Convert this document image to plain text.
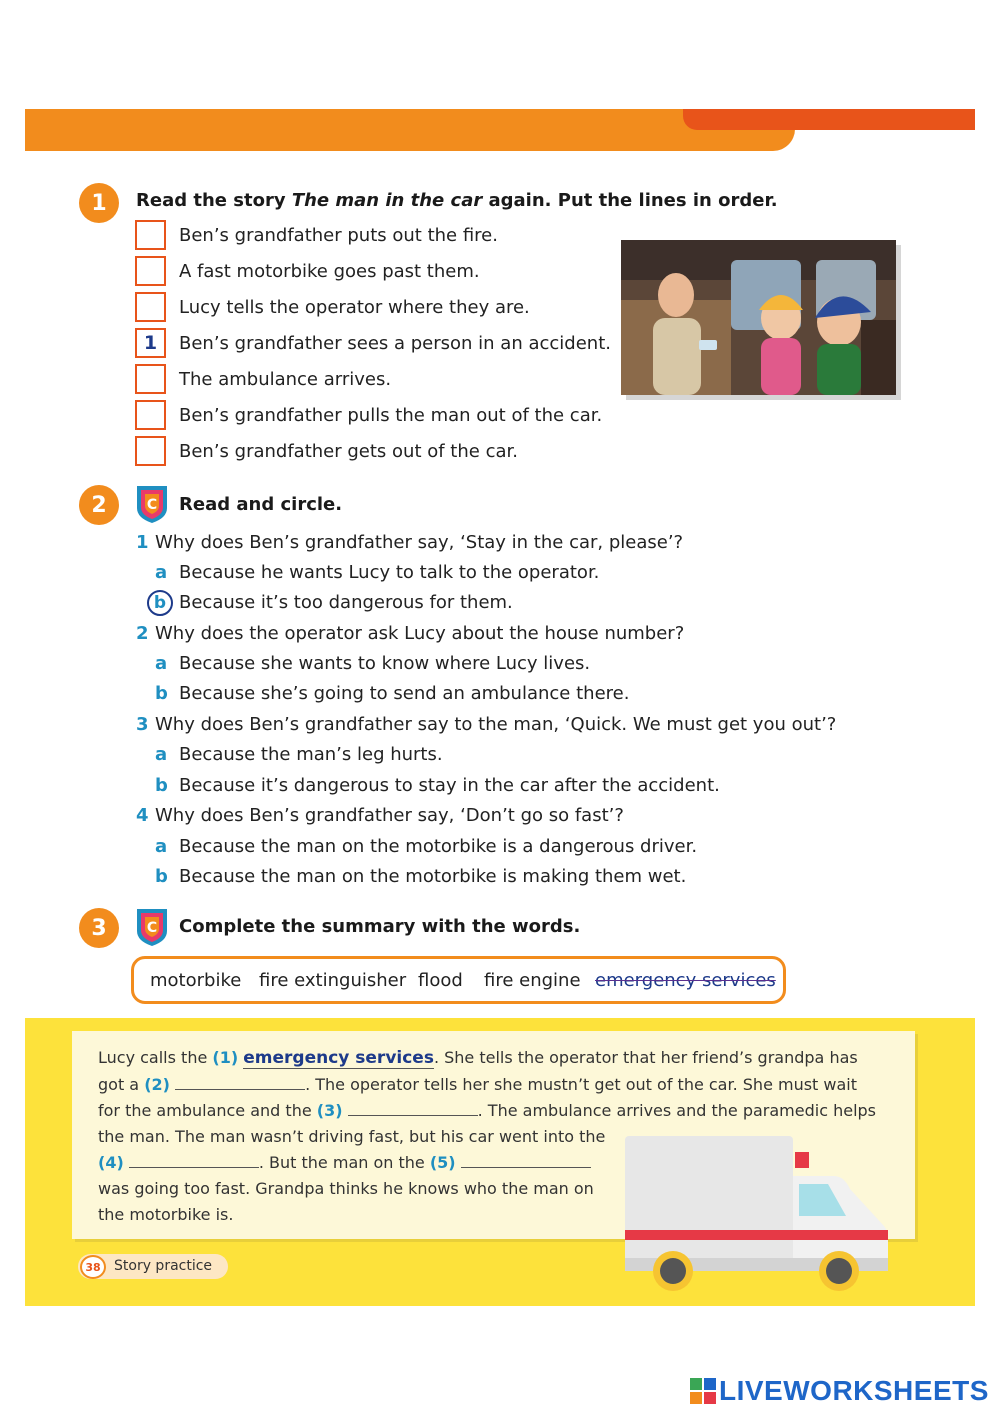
1	Read the story The man in the car again. Put the lines in order.
Ben’s grandfather puts out the fire.
A fast motorbike goes past them.
Lucy tells the operator where they are.
1	Ben’s grandfather sees a person in an accident.
The ambulance arrives.
Ben’s grandfather pulls the man out of the car.
Ben’s grandfather gets out of the car.
2	C Read and circle.
1 Why does Ben’s grandfather say, ‘Stay in the car, please’?
a Because he wants Lucy to talk to the operator.
b Because it’s too dangerous for them.
2 Why does the operator ask Lucy about the house number?
a Because she wants to know where Lucy lives.
b Because she’s going to send an ambulance there.
3 Why does Ben’s grandfather say to the man, ‘Quick. We must get you out’?
a Because the man’s leg hurts.
b Because it’s dangerous to stay in the car after the accident.
4 Why does Ben’s grandfather say, ‘Don’t go so fast’?
a Because the man on the motorbike is a dangerous driver.
b Because the man on the motorbike is making them wet.
3	C Complete the summary with the words.
motorbike fire extinguisher flood fire engine emergency services
Lucy calls the (1) emergency services. She tells the operator that her friend’s grandpa has
got a (2)	. The operator tells her she mustn’t get out of the car. She must wait
for the ambulance and the (3)	. The ambulance arrives and the paramedic helps
the man. The man wasn’t driving fast, but his car went into the
(4)	. But the man on the (5)
was going too fast. Grandpa thinks he knows who the man on
the motorbike is.
38 Story practice
LIVEWORKSHEETS
